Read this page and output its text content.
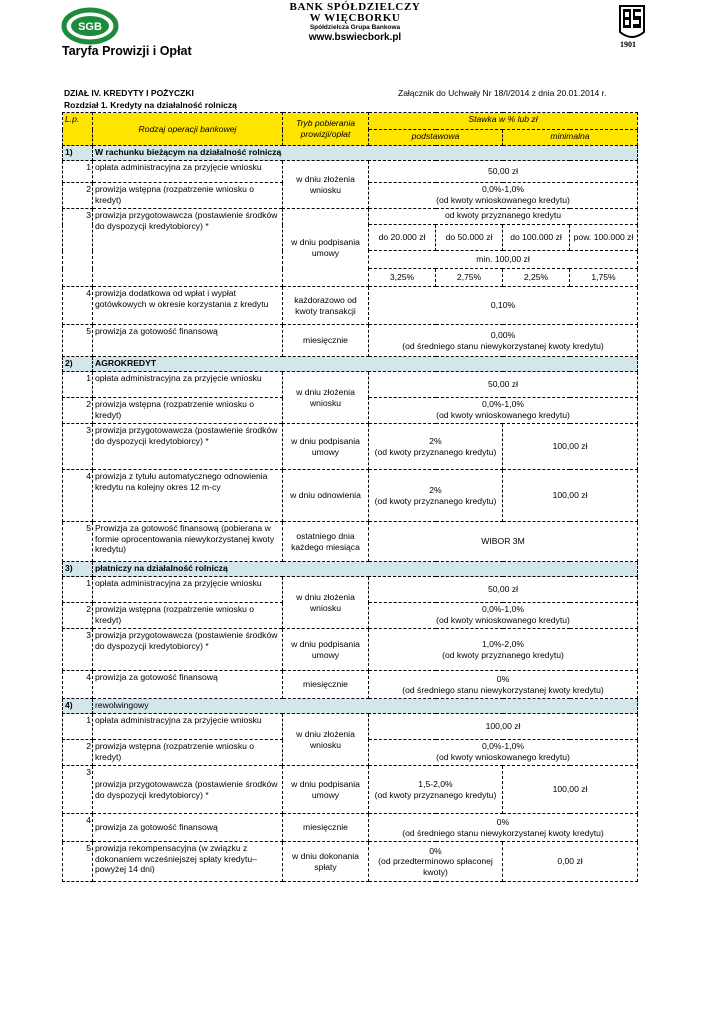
SGB
Taryfa Prowizji i Opłat
BANK SPÓŁDZIELCZY
W WIĘCBORKU
Spółdzielcza Grupa Bankowa
www.bswiecbork.pl
1901
DZIAŁ IV. KREDYTY I POŻYCZKI	Załącznik do Uchwały Nr 18/I/2014 z dnia 20.01.2014 r.
Rozdział 1. Kredyty na działalność rolniczą
L.p.	Rodzaj operacji bankowej	Tryb pobierania prowizji/opłat	Stawka w % lub zł			
			podstawowa		minimalna	
1)	W rachunku bieżącym na działalność rolniczą					
1	opłata administracyjna za przyjęcie wniosku	w dniu złożenia wniosku	50,00 zł			
2	prowizja wstępna (rozpatrzenie wniosku o kredyt)		0,0%-1,0%
(od kwoty wnioskowanego kredytu)			

3	prowizja przygotowawcza (postawienie środków do dyspozycji kredytobiorcy) *	w dniu podpisania umowy	od kwoty przyznanego kredytu			
			do 20.000 zł	do 50.000 zł	do 100.000 zł	pow. 100.000 zł
			min. 100,00 zł			
			3,25%	2,75%	2,25%	1,75%
4	prowizja dodatkowa od wpłat i wypłat gotówkowych w okresie korzystania z kredytu	każdorazowo od kwoty transakcji	0,10%			
5	prowizja za gotowość finansową	miesięcznie	0,00%
(od średniego stanu niewykorzystanej kwoty kredytu)			

2)	AGROKREDYT					
1	opłata administracyjna za przyjęcie wniosku	w dniu złożenia wniosku	50,00 zł			
2	prowizja wstępna (rozpatrzenie wniosku o kredyt)		0,0%-1,0%
(od kwoty wnioskowanego kredytu)			

3	prowizja przygotowawcza (postawienie środków do dyspozycji kredytobiorcy) *	w dniu podpisania umowy	2%
(od kwoty przyznanego kredytu)		100,00 zł	
4	prowizja z tytułu automatycznego odnowienia kredytu na kolejny okres 12 m-cy	w dniu odnowienia	2%
(od kwoty przyznanego kredytu)		100,00 zł	
5	Prowizja za gotowość finansową (pobierana w formie oprocentowania niewykorzystanej kwoty kredytu)	ostatniego dnia każdego miesiąca	WIBOR 3M			
3)	płatniczy na działalność rolniczą					
1	opłata administracyjna za przyjęcie wniosku	w dniu złożenia wniosku	50,00 zł			
2	prowizja wstępna (rozpatrzenie wniosku o kredyt)		0,0%-1,0%
(od kwoty wnioskowanego kredytu)			

3	prowizja przygotowawcza (postawienie środków do dyspozycji kredytobiorcy) *	w dniu podpisania umowy	1,0%-2,0%
(od kwoty przyznanego kredytu)			

4	prowizja za gotowość finansową	miesięcznie	0%
(od średniego stanu niewykorzystanej kwoty kredytu)			

4)	rewolwingowy					
1	opłata administracyjna za przyjęcie wniosku	w dniu złożenia wniosku	100,00 zł			
2	prowizja wstępna (rozpatrzenie wniosku o kredyt)		0,0%-1,0%
(od kwoty wnioskowanego kredytu)			

3	prowizja przygotowawcza (postawienie środków do dyspozycji kredytobiorcy) *	w dniu podpisania umowy	1,5-2,0%
(od kwoty przyznanego kredytu)		100,00 zł	
4	prowizja za gotowość finansową	miesięcznie	0%
(od średniego stanu niewykorzystanej kwoty kredytu)			

5	prowizja rekompensacyjna (w związku z dokonaniem wcześniejszej spłaty kredytu– powyżej 14 dni)	w dniu dokonania spłaty	0%
(od przedterminowo spłaconej kwoty)		0,00 zł	
